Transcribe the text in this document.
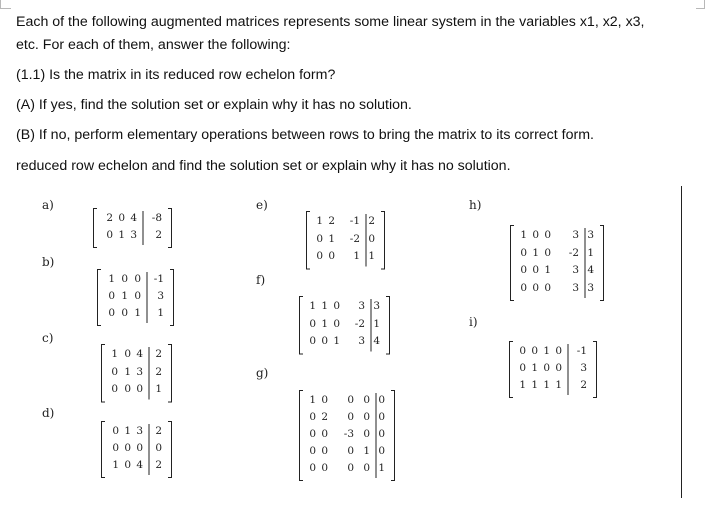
Each of the following augmented matrices represents some linear system in the variables x1, x2, x3,
etc. For each of them, answer the following:
(1.1) Is the matrix in its reduced row echelon form?
(A) If yes, find the solution set or explain why it has no solution.
(B) If no, perform elementary operations between rows to bring the matrix to its correct form.
reduced row echelon and find the solution set or explain why it has no solution.
a)
b)
c)
d)
e)
f)
g)
h)
i)
2 0 4	-8
0 1 3	2
1 0 0	-1
0 1 0	3
0 0 1	1
1 0 4	2
0 1 3	2
0 0 0	1
0 1 3	2
0 0 0	0
1 0 4	2
1 2	-1 2
0 1	-2 0
0 0	1 1
1 1 0	3 3
0 1 0	-2 1
0 0 1	3 4
1 0	0 0 0
0 2	0 0 0
0 0	-3 0 0
0 0	0 1 0
0 0	0 0 1
1 0 0	3 3
0 1 0	-2 1
0 0 1	3 4
0 0 0	3 3
0 0 1 0	-1
0 1 0 0	3
1 1 1 1	2
